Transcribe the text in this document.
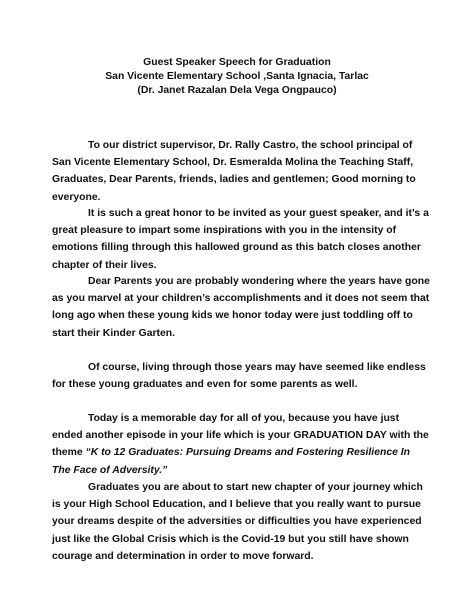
Guest Speaker Speech for Graduation
San Vicente Elementary School ,Santa Ignacia, Tarlac
(Dr. Janet Razalan Dela Vega Ongpauco)

To our district supervisor, Dr. Rally Castro, the school principal of San Vicente Elementary School, Dr. Esmeralda Molina the Teaching Staff, Graduates, Dear Parents, friends, ladies and gentlemen; Good morning to everyone.

It is such a great honor to be invited as your guest speaker, and it’s a great pleasure to impart some inspirations with you in the intensity of emotions filling through this hallowed ground as this batch closes another chapter of their lives.

Dear Parents you are probably wondering where the years have gone as you marvel at your children’s accomplishments and it does not seem that long ago when these young kids we honor today were just toddling off to start their Kinder Garten.

Of course, living through those years may have seemed like endless for these young graduates and even for some parents as well.

Today is a memorable day for all of you, because you have just ended another episode in your life which is your GRADUATION DAY with the theme “K to 12 Graduates: Pursuing Dreams and Fostering Resilience In The Face of Adversity.”

Graduates you are about to start new chapter of your journey which is your High School Education, and I believe that you really want to pursue your dreams despite of the adversities or difficulties you have experienced just like the Global Crisis which is the Covid-19 but you still have shown courage and determination in order to move forward.
